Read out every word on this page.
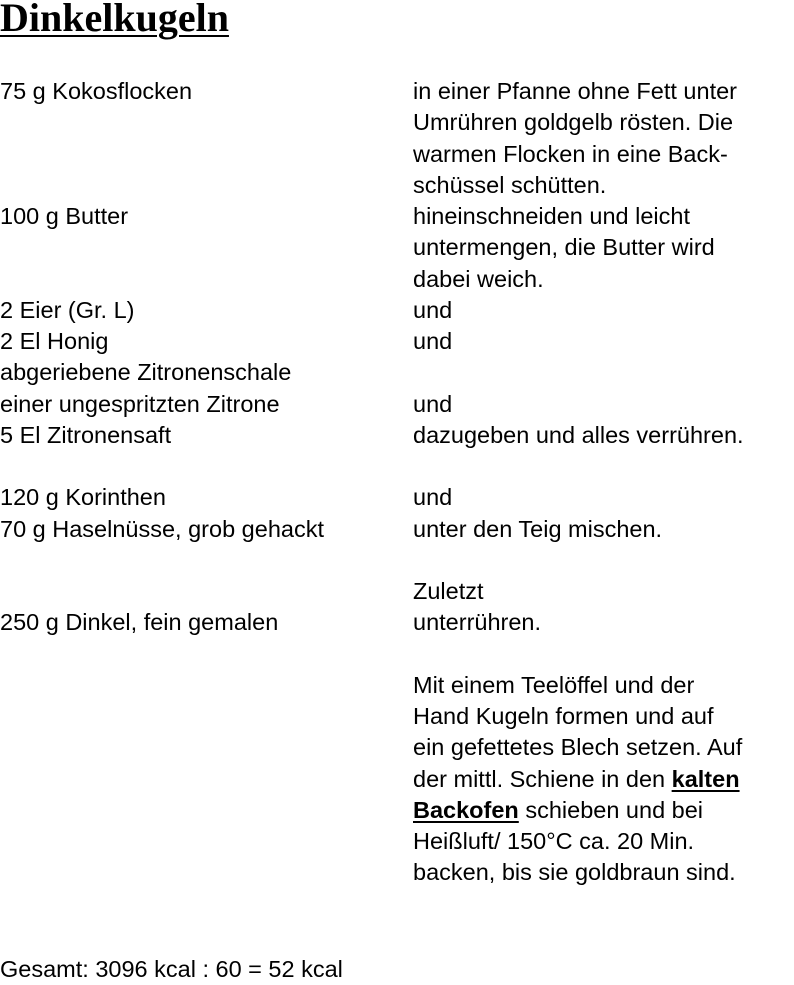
Dinkelkugeln
75 g Kokosflocken
100 g Butter
2 Eier (Gr. L)
2 El Honig
abgeriebene Zitronenschale
einer ungespritzten Zitrone
5 El Zitronensaft
120 g Korinthen
70 g Haselnüsse, grob gehackt
250 g Dinkel, fein gemalen
in einer Pfanne ohne Fett unter
Umrühren goldgelb rösten. Die
warmen Flocken in eine Back-
schüssel schütten.
hineinschneiden und leicht
untermengen, die Butter wird
dabei weich.
und
und
und
dazugeben und alles verrühren.
und
unter den Teig mischen.
Zuletzt
unterrühren.
Mit einem Teelöffel und der
Hand Kugeln formen und auf
ein gefettetes Blech setzen. Auf
der mittl. Schiene in den kalten
Backofen schieben und bei
Heißluft/ 150°C ca. 20 Min.
backen, bis sie goldbraun sind.
Gesamt: 3096 kcal : 60 = 52 kcal
